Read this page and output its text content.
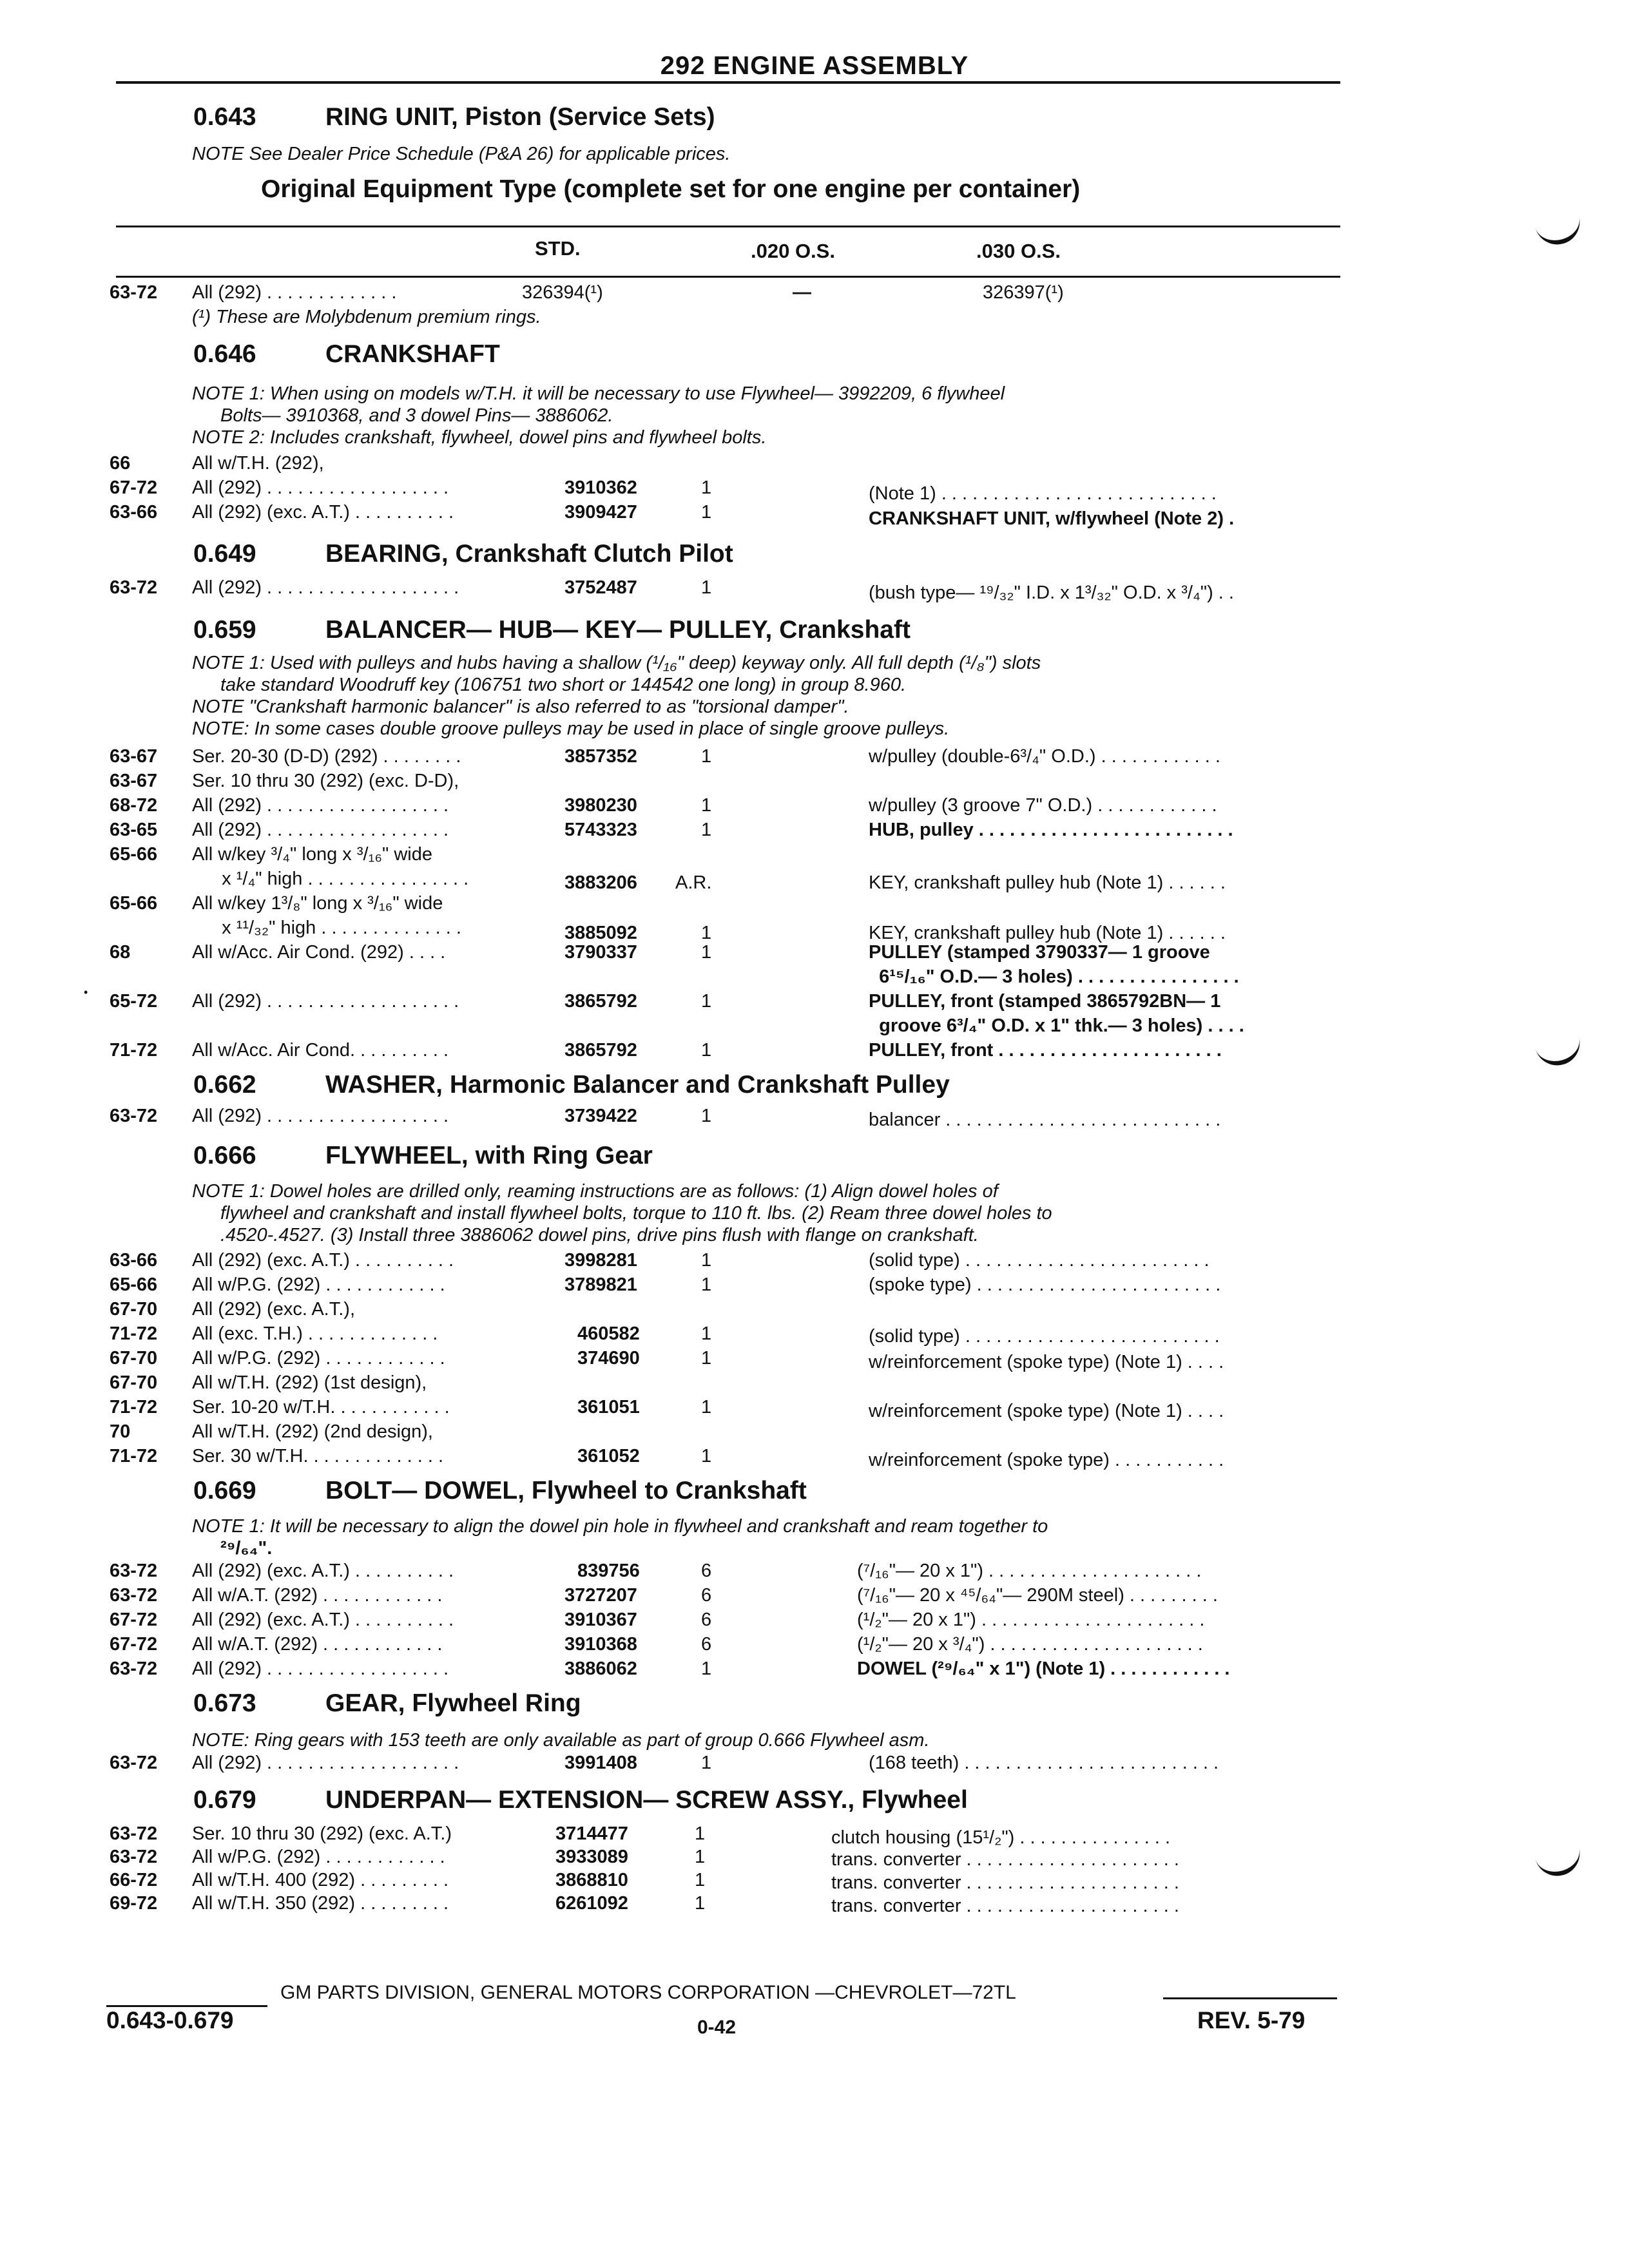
292 ENGINE ASSEMBLY
0.643	RING UNIT, Piston (Service Sets)
NOTE See Dealer Price Schedule (P&A 26) for applicable prices.
Original Equipment Type (complete set for one engine per container)
STD.	.020 O.S.	.030 O.S.
63-72 All (292) . . . . . . . . . . . . .	326394(¹)	—	326397(¹)
(¹) These are Molybdenum premium rings.
0.646	CRANKSHAFT
NOTE 1: When using on models w/T.H. it will be necessary to use Flywheel— 3992209, 6 flywheel
Bolts— 3910368, and 3 dowel Pins— 3886062.
NOTE 2: Includes crankshaft, flywheel, dowel pins and flywheel bolts.
66	All w/T.H. (292),
67-72 All (292) . . . . . . . . . . . . . . . . . .	3910362	1	(Note 1) . . . . . . . . . . . . . . . . . . . . . . . . . . .
63-66 All (292) (exc. A.T.) . . . . . . . . . .	3909427	1	CRANKSHAFT UNIT, w/flywheel (Note 2) .
0.649	BEARING, Crankshaft Clutch Pilot
63-72 All (292) . . . . . . . . . . . . . . . . . . .	3752487	1	(bush type— ¹⁹/₃₂" I.D. x 1³/₃₂" O.D. x ³/₄") . .
0.659	BALANCER— HUB— KEY— PULLEY, Crankshaft
NOTE 1: Used with pulleys and hubs having a shallow (¹/₁₆" deep) keyway only. All full depth (¹/₈") slots
take standard Woodruff key (106751 two short or 144542 one long) in group 8.960.
NOTE "Crankshaft harmonic balancer" is also referred to as "torsional damper".
NOTE: In some cases double groove pulleys may be used in place of single groove pulleys.
63-67 Ser. 20-30 (D-D) (292) . . . . . . . .	3857352	1	w/pulley (double-6³/₄" O.D.) . . . . . . . . . . . .
63-67 Ser. 10 thru 30 (292) (exc. D-D),
68-72 All (292) . . . . . . . . . . . . . . . . . .	3980230	1	w/pulley (3 groove 7" O.D.) . . . . . . . . . . . .
63-65 All (292) . . . . . . . . . . . . . . . . . .	5743323	1	HUB, pulley . . . . . . . . . . . . . . . . . . . . . . . . .
65-66 All w/key ³/₄" long x ³/₁₆" wide
x ¹/₄" high . . . . . . . . . . . . . . . .	3883206 A.R.	KEY, crankshaft pulley hub (Note 1) . . . . . .
65-66 All w/key 1³/₈" long x ³/₁₆" wide
x ¹¹/₃₂" high . . . . . . . . . . . . . .	3885092	1	KEY, crankshaft pulley hub (Note 1) . . . . . .
68	All w/Acc. Air Cond. (292) . . . .	3790337	1	PULLEY (stamped 3790337— 1 groove
6¹⁵/₁₆" O.D.— 3 holes) . . . . . . . . . . . . . . . .
• 65-72 All (292) . . . . . . . . . . . . . . . . . . .	3865792	1	PULLEY, front (stamped 3865792BN— 1
groove 6³/₄" O.D. x 1" thk.— 3 holes) . . . .
71-72 All w/Acc. Air Cond. . . . . . . . . .	3865792	1	PULLEY, front . . . . . . . . . . . . . . . . . . . . . .
0.662	WASHER, Harmonic Balancer and Crankshaft Pulley
63-72 All (292) . . . . . . . . . . . . . . . . . .	3739422	1	balancer . . . . . . . . . . . . . . . . . . . . . . . . . . .
0.666	FLYWHEEL, with Ring Gear
NOTE 1: Dowel holes are drilled only, reaming instructions are as follows: (1) Align dowel holes of
flywheel and crankshaft and install flywheel bolts, torque to 110 ft. lbs. (2) Ream three dowel holes to
.4520-.4527. (3) Install three 3886062 dowel pins, drive pins flush with flange on crankshaft.
63-66 All (292) (exc. A.T.) . . . . . . . . . .	3998281	1	(solid type) . . . . . . . . . . . . . . . . . . . . . . . .
65-66 All w/P.G. (292) . . . . . . . . . . . .	3789821	1	(spoke type) . . . . . . . . . . . . . . . . . . . . . . . .
67-70 All (292) (exc. A.T.),
71-72 All (exc. T.H.) . . . . . . . . . . . . .	460582	1	(solid type) . . . . . . . . . . . . . . . . . . . . . . . . .
67-70 All w/P.G. (292) . . . . . . . . . . . .	374690	1	w/reinforcement (spoke type) (Note 1) . . . .
67-70 All w/T.H. (292) (1st design),
71-72 Ser. 10-20 w/T.H. . . . . . . . . . . .	361051	1	w/reinforcement (spoke type) (Note 1) . . . .
70	All w/T.H. (292) (2nd design),
71-72 Ser. 30 w/T.H. . . . . . . . . . . . . .	361052	1	w/reinforcement (spoke type) . . . . . . . . . . .
0.669	BOLT— DOWEL, Flywheel to Crankshaft
NOTE 1: It will be necessary to align the dowel pin hole in flywheel and crankshaft and ream together to
²⁹/₆₄".
63-72 All (292) (exc. A.T.) . . . . . . . . . .	839756	6	(⁷/₁₆"— 20 x 1") . . . . . . . . . . . . . . . . . . . . .
63-72 All w/A.T. (292) . . . . . . . . . . . .	3727207	6	(⁷/₁₆"— 20 x ⁴⁵/₆₄"— 290M steel) . . . . . . . . .
67-72 All (292) (exc. A.T.) . . . . . . . . . .	3910367	6	(¹/₂"— 20 x 1") . . . . . . . . . . . . . . . . . . . . . .
67-72 All w/A.T. (292) . . . . . . . . . . . .	3910368	6	(¹/₂"— 20 x ³/₄") . . . . . . . . . . . . . . . . . . . . .
63-72 All (292) . . . . . . . . . . . . . . . . . .	3886062	1	DOWEL (²⁹/₆₄" x 1") (Note 1) . . . . . . . . . . . .
0.673	GEAR, Flywheel Ring
NOTE: Ring gears with 153 teeth are only available as part of group 0.666 Flywheel asm.
63-72 All (292) . . . . . . . . . . . . . . . . . . .	3991408	1	(168 teeth) . . . . . . . . . . . . . . . . . . . . . . . . .
0.679	UNDERPAN— EXTENSION— SCREW ASSY., Flywheel
63-72 Ser. 10 thru 30 (292) (exc. A.T.)	3714477	1	clutch housing (15¹/₂") . . . . . . . . . . . . . . .
63-72 All w/P.G. (292) . . . . . . . . . . . .	3933089	1	trans. converter . . . . . . . . . . . . . . . . . . . . .
66-72 All w/T.H. 400 (292) . . . . . . . . .	3868810	1	trans. converter . . . . . . . . . . . . . . . . . . . . .
69-72 All w/T.H. 350 (292) . . . . . . . . .	6261092	1	trans. converter . . . . . . . . . . . . . . . . . . . . .
GM PARTS DIVISION, GENERAL MOTORS CORPORATION —CHEVROLET—72TL
0.643-0.679	0-42	REV. 5-79
